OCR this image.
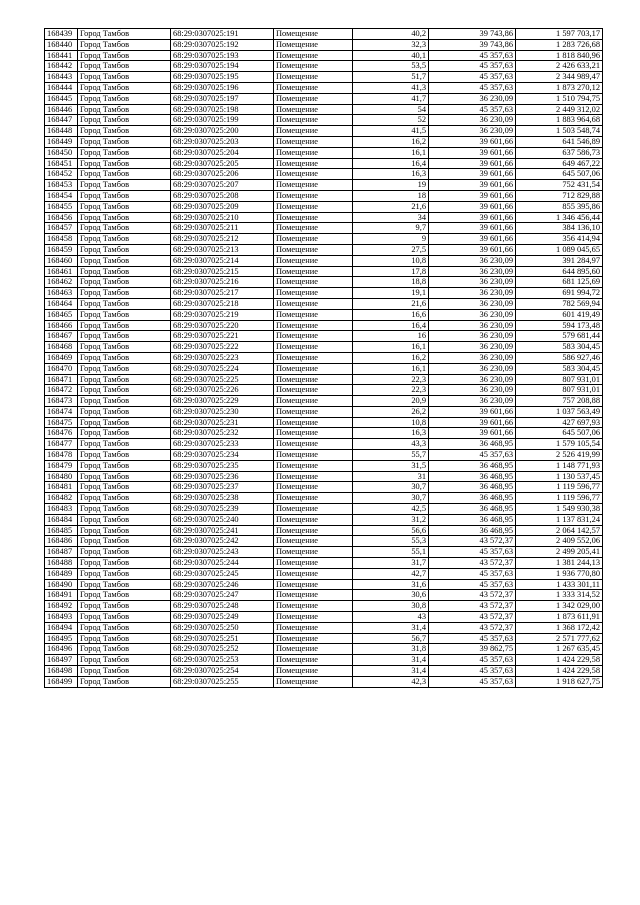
168439	Город Тамбов	68:29:0307025:191	Помещение	40,2	39 743,86	1 597 703,17
168440	Город Тамбов	68:29:0307025:192	Помещение	32,3	39 743,86	1 283 726,68
168441	Город Тамбов	68:29:0307025:193	Помещение	40,1	45 357,63	1 818 840,96
168442	Город Тамбов	68:29:0307025:194	Помещение	53,5	45 357,63	2 426 633,21
168443	Город Тамбов	68:29:0307025:195	Помещение	51,7	45 357,63	2 344 989,47
168444	Город Тамбов	68:29:0307025:196	Помещение	41,3	45 357,63	1 873 270,12
168445	Город Тамбов	68:29:0307025:197	Помещение	41,7	36 230,09	1 510 794,75
168446	Город Тамбов	68:29:0307025:198	Помещение	54	45 357,63	2 449 312,02
168447	Город Тамбов	68:29:0307025:199	Помещение	52	36 230,09	1 883 964,68
168448	Город Тамбов	68:29:0307025:200	Помещение	41,5	36 230,09	1 503 548,74
168449	Город Тамбов	68:29:0307025:203	Помещение	16,2	39 601,66	641 546,89
168450	Город Тамбов	68:29:0307025:204	Помещение	16,1	39 601,66	637 586,73
168451	Город Тамбов	68:29:0307025:205	Помещение	16,4	39 601,66	649 467,22
168452	Город Тамбов	68:29:0307025:206	Помещение	16,3	39 601,66	645 507,06
168453	Город Тамбов	68:29:0307025:207	Помещение	19	39 601,66	752 431,54
168454	Город Тамбов	68:29:0307025:208	Помещение	18	39 601,66	712 829,88
168455	Город Тамбов	68:29:0307025:209	Помещение	21,6	39 601,66	855 395,86
168456	Город Тамбов	68:29:0307025:210	Помещение	34	39 601,66	1 346 456,44
168457	Город Тамбов	68:29:0307025:211	Помещение	9,7	39 601,66	384 136,10
168458	Город Тамбов	68:29:0307025:212	Помещение	9	39 601,66	356 414,94
168459	Город Тамбов	68:29:0307025:213	Помещение	27,5	39 601,66	1 089 045,65
168460	Город Тамбов	68:29:0307025:214	Помещение	10,8	36 230,09	391 284,97
168461	Город Тамбов	68:29:0307025:215	Помещение	17,8	36 230,09	644 895,60
168462	Город Тамбов	68:29:0307025:216	Помещение	18,8	36 230,09	681 125,69
168463	Город Тамбов	68:29:0307025:217	Помещение	19,1	36 230,09	691 994,72
168464	Город Тамбов	68:29:0307025:218	Помещение	21,6	36 230,09	782 569,94
168465	Город Тамбов	68:29:0307025:219	Помещение	16,6	36 230,09	601 419,49
168466	Город Тамбов	68:29:0307025:220	Помещение	16,4	36 230,09	594 173,48
168467	Город Тамбов	68:29:0307025:221	Помещение	16	36 230,09	579 681,44
168468	Город Тамбов	68:29:0307025:222	Помещение	16,1	36 230,09	583 304,45
168469	Город Тамбов	68:29:0307025:223	Помещение	16,2	36 230,09	586 927,46
168470	Город Тамбов	68:29:0307025:224	Помещение	16,1	36 230,09	583 304,45
168471	Город Тамбов	68:29:0307025:225	Помещение	22,3	36 230,09	807 931,01
168472	Город Тамбов	68:29:0307025:226	Помещение	22,3	36 230,09	807 931,01
168473	Город Тамбов	68:29:0307025:229	Помещение	20,9	36 230,09	757 208,88
168474	Город Тамбов	68:29:0307025:230	Помещение	26,2	39 601,66	1 037 563,49
168475	Город Тамбов	68:29:0307025:231	Помещение	10,8	39 601,66	427 697,93
168476	Город Тамбов	68:29:0307025:232	Помещение	16,3	39 601,66	645 507,06
168477	Город Тамбов	68:29:0307025:233	Помещение	43,3	36 468,95	1 579 105,54
168478	Город Тамбов	68:29:0307025:234	Помещение	55,7	45 357,63	2 526 419,99
168479	Город Тамбов	68:29:0307025:235	Помещение	31,5	36 468,95	1 148 771,93
168480	Город Тамбов	68:29:0307025:236	Помещение	31	36 468,95	1 130 537,45
168481	Город Тамбов	68:29:0307025:237	Помещение	30,7	36 468,95	1 119 596,77
168482	Город Тамбов	68:29:0307025:238	Помещение	30,7	36 468,95	1 119 596,77
168483	Город Тамбов	68:29:0307025:239	Помещение	42,5	36 468,95	1 549 930,38
168484	Город Тамбов	68:29:0307025:240	Помещение	31,2	36 468,95	1 137 831,24
168485	Город Тамбов	68:29:0307025:241	Помещение	56,6	36 468,95	2 064 142,57
168486	Город Тамбов	68:29:0307025:242	Помещение	55,3	43 572,37	2 409 552,06
168487	Город Тамбов	68:29:0307025:243	Помещение	55,1	45 357,63	2 499 205,41
168488	Город Тамбов	68:29:0307025:244	Помещение	31,7	43 572,37	1 381 244,13
168489	Город Тамбов	68:29:0307025:245	Помещение	42,7	45 357,63	1 936 770,80
168490	Город Тамбов	68:29:0307025:246	Помещение	31,6	45 357,63	1 433 301,11
168491	Город Тамбов	68:29:0307025:247	Помещение	30,6	43 572,37	1 333 314,52
168492	Город Тамбов	68:29:0307025:248	Помещение	30,8	43 572,37	1 342 029,00
168493	Город Тамбов	68:29:0307025:249	Помещение	43	43 572,37	1 873 611,91
168494	Город Тамбов	68:29:0307025:250	Помещение	31,4	43 572,37	1 368 172,42
168495	Город Тамбов	68:29:0307025:251	Помещение	56,7	45 357,63	2 571 777,62
168496	Город Тамбов	68:29:0307025:252	Помещение	31,8	39 862,75	1 267 635,45
168497	Город Тамбов	68:29:0307025:253	Помещение	31,4	45 357,63	1 424 229,58
168498	Город Тамбов	68:29:0307025:254	Помещение	31,4	45 357,63	1 424 229,58
168499	Город Тамбов	68:29:0307025:255	Помещение	42,3	45 357,63	1 918 627,75
